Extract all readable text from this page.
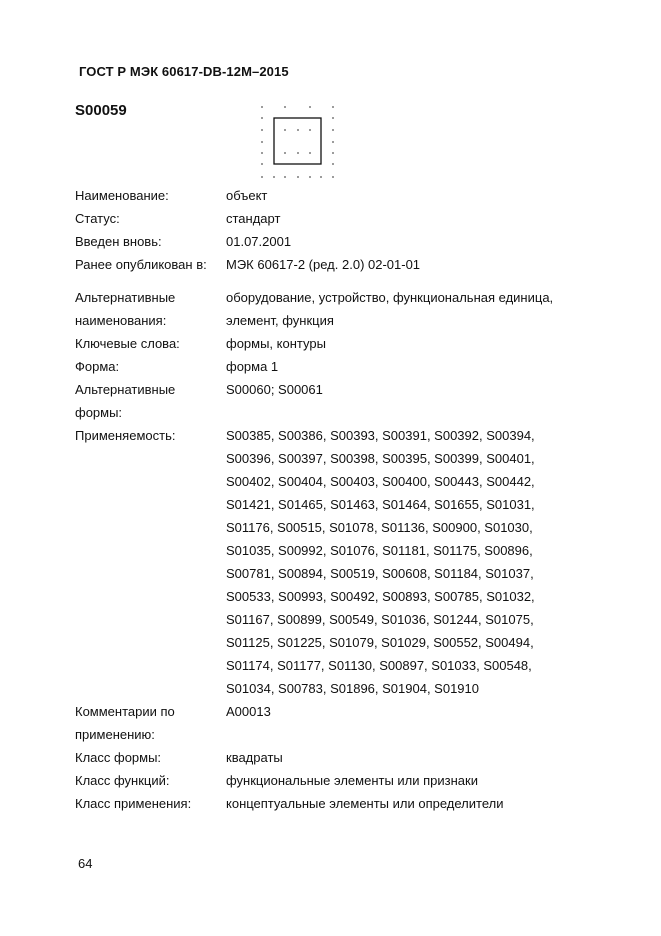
ГОСТ Р МЭК 60617-DB-12M–2015
S00059
Наименование:	объект
Статус:	стандарт
Введен вновь:	01.07.2001
Ранее опубликован в:	МЭК 60617-2 (ред. 2.0) 02-01-01
Альтернативные	оборудование, устройство, функциональная единица,
наименования:	элемент, функция
Ключевые слова:	формы, контуры
Форма:	форма 1
Альтернативные	S00060; S00061
формы:
Применяемость:	S00385, S00386, S00393, S00391, S00392, S00394,
S00396, S00397, S00398, S00395, S00399, S00401,
S00402, S00404, S00403, S00400, S00443, S00442,
S01421, S01465, S01463, S01464, S01655, S01031,
S01176, S00515, S01078, S01136, S00900, S01030,
S01035, S00992, S01076, S01181, S01175, S00896,
S00781, S00894, S00519, S00608, S01184, S01037,
S00533, S00993, S00492, S00893, S00785, S01032,
S01167, S00899, S00549, S01036, S01244, S01075,
S01125, S01225, S01079, S01029, S00552, S00494,
S01174, S01177, S01130, S00897, S01033, S00548,
S01034, S00783, S01896, S01904, S01910
Комментарии по	A00013
применению:
Класс формы:	квадраты
Класс функций:	функциональные элементы или признаки
Класс применения:	концептуальные элементы или определители
64
